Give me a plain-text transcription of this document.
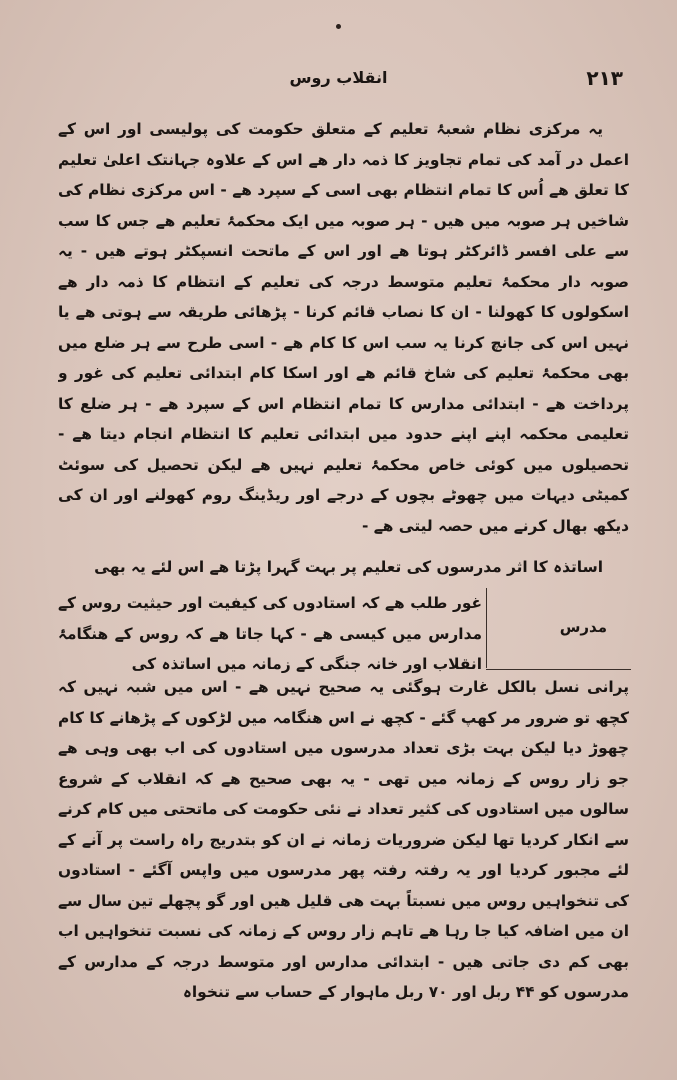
۲۱۳
انقلاب روس
یہ مرکزی نظام شعبۂ تعلیم کے متعلق حکومت کی پولیسی اور اس کے اعمل در آمد کی تمام تجاویز کا ذمہ دار ھے اس کے علاوہ جہانتک اعلیٰ تعلیم کا تعلق ھے اُس کا تمام انتظام بھی اسی کے سپرد ھے - اس مرکزی نظام کی شاخیں ہر صوبہ میں ھیں - ہر صوبہ میں ایک محکمۂ تعلیم ھے جس کا سب سے علی افسر ڈائرکٹر ہوتا ھے اور اس کے ماتحت انسپکٹر ہوتے ھیں - یہ صوبہ دار محکمۂ تعلیم متوسط درجہ کی تعلیم کے انتظام کا ذمہ دار ھے اسکولوں کا کھولنا - ان کا نصاب قائم کرنا - پڑھائی طریقہ سے ہوتی ھے یا نہیں اس کی جانچ کرنا یہ سب اس کا کام ھے - اسی طرح سے ہر ضلع میں بھی محکمۂ تعلیم کی شاخ قائم ھے اور اسکا کام ابتدائی تعلیم کی غور و پرداخت ھے - ابتدائی مدارس کا تمام انتظام اس کے سپرد ھے - ہر ضلع کا تعلیمی محکمہ اپنے اپنے حدود میں ابتدائی تعلیم کا انتظام انجام دیتا ھے - تحصیلوں میں کوئی خاص محکمۂ تعلیم نہیں ھے لیکن تحصیل کی سوئٹ کمیٹی دیہات میں چھوٹے بچوں کے درجے اور ریڈینگ روم کھولنے اور ان کی دیکھ بھال کرنے میں حصہ لیتی ھے -
اساتذہ کا اثر مدرسوں کی تعلیم پر بہت گہرا پڑتا ھے اس لئے یہ بھی
غور طلب ھے کہ استادوں کی کیفیت اور حیثیت روس کے مدارس میں کیسی ھے - کہا جاتا ھے کہ روس کے ھنگامۂ انقلاب اور خانہ جنگی کے زمانہ میں اساتذہ کی
مدرس
پرانی نسل بالکل غارت ہوگئی یہ صحیح نہیں ھے - اس میں شبہ نہیں کہ کچھ تو ضرور مر کھپ گئے - کچھ نے اس ھنگامہ میں لڑکوں کے پڑھانے کا کام چھوڑ دیا لیکن بہت بڑی تعداد مدرسوں میں استادوں کی اب بھی وہی ھے جو زار روس کے زمانہ میں تھی - یہ بھی صحیح ھے کہ انقلاب کے شروع سالوں میں استادوں کی کثیر تعداد نے نئی حکومت کی ماتحتی میں کام کرنے سے انکار کردیا تھا لیکن ضروریات زمانہ نے ان کو بتدریج راہ راست پر آنے کے لئے مجبور کردیا اور یہ رفتہ رفتہ پھر مدرسوں میں واپس آگئے - استادوں کی تنخواہیں روس میں نسبتاً بہت ھی قلیل ھیں اور گو پچھلے تین سال سے ان میں اضافہ کیا جا رہا ھے تاہم زار روس کے زمانہ کی نسبت تنخواہیں اب بھی کم دی جاتی ھیں - ابتدائی مدارس اور متوسط درجہ کے مدارس کے مدرسوں کو ۴۴ ربل اور ۷۰ ربل ماہوار کے حساب سے تنخواہ
